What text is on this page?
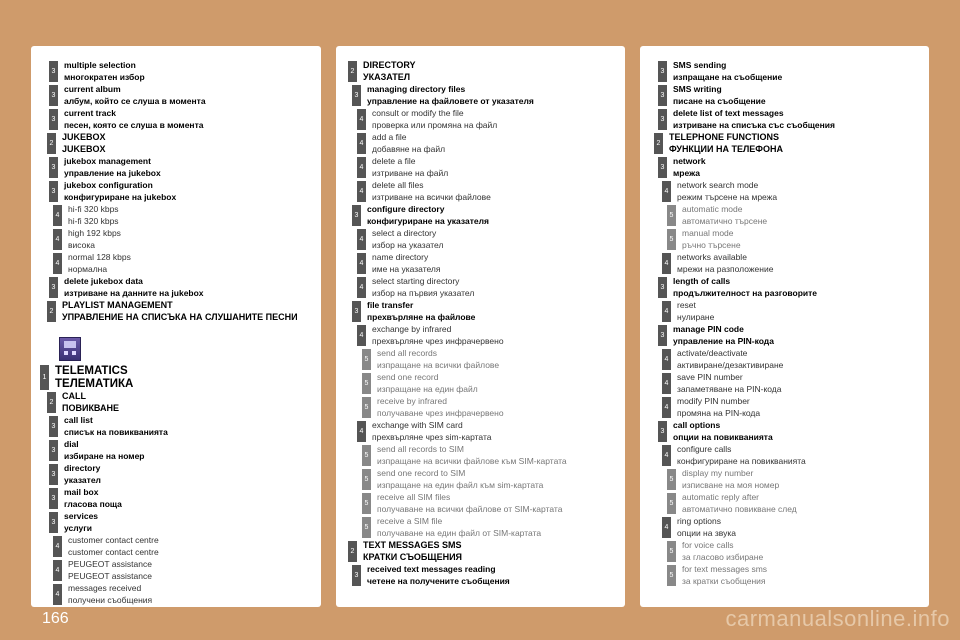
3
multiple selection
многократен избор
3
current album
албум, който се слуша в момента
3
current track
песен, която се слуша в момента
2
JUKEBOX
JUKEBOX
3
jukebox management
управление на jukebox
3
jukebox configuration
конфигуриране на jukebox
4
hi-fi 320 kbps
hi-fi 320 kbps
4
high 192 kbps
висока
4
normal 128 kbps
нормална
3
delete jukebox data
изтриване на данните на jukebox
2
PLAYLIST MANAGEMENT
УПРАВЛЕНИЕ НА СПИСЪКА НА СЛУШАНИТЕ ПЕСНИ
1
TELEMATICS
ТЕЛЕМАТИКА
2
CALL
ПОВИКВАНЕ
3
call list
списък на повикванията
3
dial
избиране на номер
3
directory
указател
3
mail box
гласова поща
3
services
услуги
4
customer contact centre
customer contact centre
4
PEUGEOT assistance
PEUGEOT assistance
4
messages received
получени съобщения
2
DIRECTORY
УКАЗАТЕЛ
3
managing directory files
управление на файловете от указателя
4
consult or modify the file
проверка или промяна на файл
4
add a file
добавяне на файл
4
delete a file
изтриване на файл
4
delete all files
изтриване на всички файлове
3
configure directory
конфигуриране на указателя
4
select a directory
избор на указател
4
name directory
име на указателя
4
select starting directory
избор на първия указател
3
file transfer
прехвърляне на файлове
4
exchange by infrared
прехвърляне чрез инфрачервено
5
send all records
изпращане на всички файлове
5
send one record
изпращане на един файл
5
receive by infrared
получаване чрез инфрачервено
4
exchange with SIM card
прехвърляне чрез sim-картата
5
send all records to SIM
изпращане на всички файлове към SIM-картата
5
send one record to SIM
изпращане на един файл към sim-картата
5
receive all SIM files
получаване на всички файлове от SIM-картата
5
receive a SIM file
получаване на един файл от SIM-картата
2
TEXT MESSAGES SMS
КРАТКИ СЪОБЩЕНИЯ
3
received text messages reading
четене на получените съобщения
3
SMS sending
изпращане на съобщение
3
SMS writing
писане на съобщение
3
delete list of text messages
изтриване на списъка със съобщения
2
TELEPHONE FUNCTIONS
ФУНКЦИИ НА ТЕЛЕФОНА
3
network
мрежа
4
network search mode
режим търсене на мрежа
5
automatic mode
автоматично търсене
5
manual mode
ръчно търсене
4
networks available
мрежи на разположение
3
length of calls
продължителност на разговорите
4
reset
нулиране
3
manage PIN code
управление на PIN-кода
4
activate/deactivate
активиране/дезактивиране
4
save PIN number
запаметяване на PIN-кода
4
modify PIN number
промяна на PIN-кода
3
call options
опции на повикванията
4
configure calls
конфигуриране на повикванията
5
display my number
изписване на моя номер
5
automatic reply after
автоматично повикване след
4
ring options
опции на звука
5
for voice calls
за гласово избиране
5
for text messages sms
за кратки съобщения
166	carmanualsonline.info
